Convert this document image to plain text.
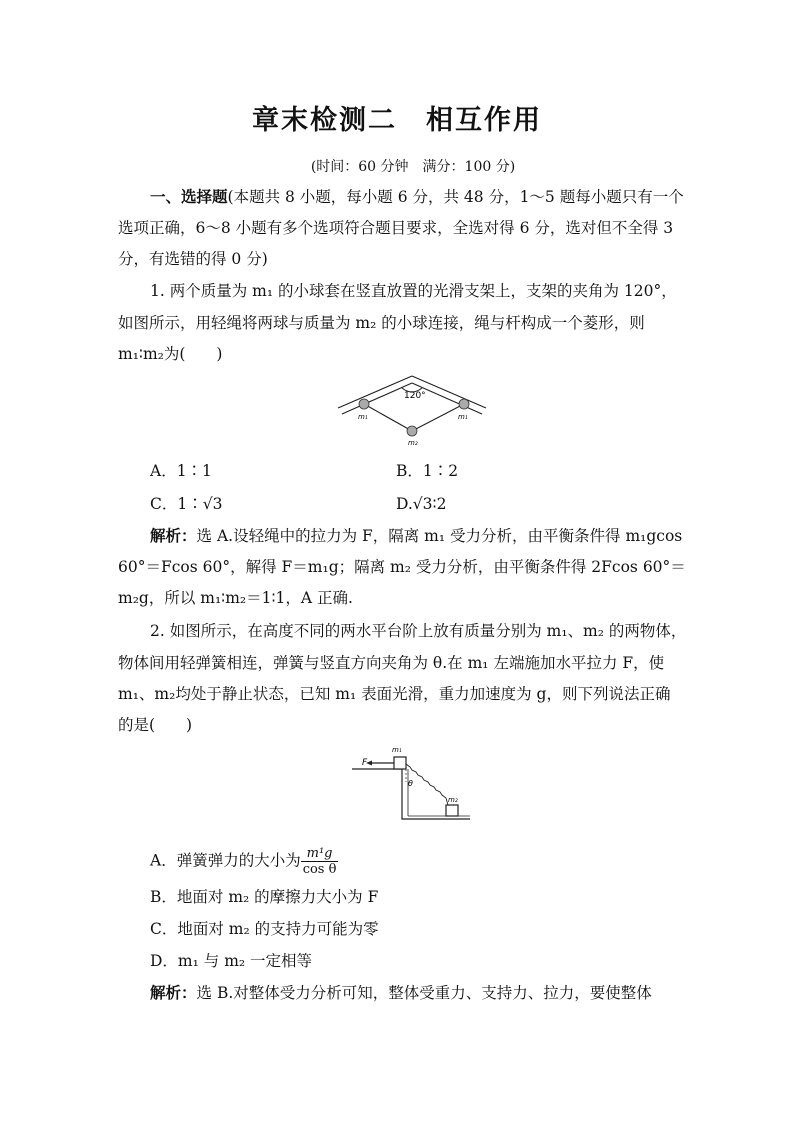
章末检测二　相互作用
(时间：60 分钟　满分：100 分)
一、选择题(本题共 8 小题，每小题 6 分，共 48 分，1～5 题每小题只有一个
选项正确，6～8 小题有多个选项符合题目要求，全选对得 6 分，选对但不全得 3
分，有选错的得 0 分)
1. 两个质量为 m₁ 的小球套在竖直放置的光滑支架上，支架的夹角为 120°，
如图所示，用轻绳将两球与质量为 m₂ 的小球连接，绳与杆构成一个菱形，则
m₁∶m₂为(　　)
120°
m₁	m₁
m₂
A．1∶1	B．1∶2
C．1∶√3	D.√3∶2
解析：选 A.设轻绳中的拉力为 F，隔离 m₁ 受力分析，由平衡条件得 m₁gcos
60°＝Fcos 60°，解得 F＝m₁g；隔离 m₂ 受力分析，由平衡条件得 2Fcos 60°＝
m₂g，所以 m₁∶m₂＝1∶1，A 正确.
2. 如图所示，在高度不同的两水平台阶上放有质量分别为 m₁、m₂ 的两物体，
物体间用轻弹簧相连，弹簧与竖直方向夹角为 θ.在 m₁ 左端施加水平拉力 F，使
m₁、m₂均处于静止状态，已知 m₁ 表面光滑，重力加速度为 g，则下列说法正确
的是(　　)
F
m₁
m₂
θ
A．弹簧弹力的大小为 $\frac{\text{m¹g}}{\text{cos θ}}$
B．地面对 m₂ 的摩擦力大小为 F
C．地面对 m₂ 的支持力可能为零
D．m₁ 与 m₂ 一定相等
解析：选 B.对整体受力分析可知，整体受重力、支持力、拉力，要使整体
